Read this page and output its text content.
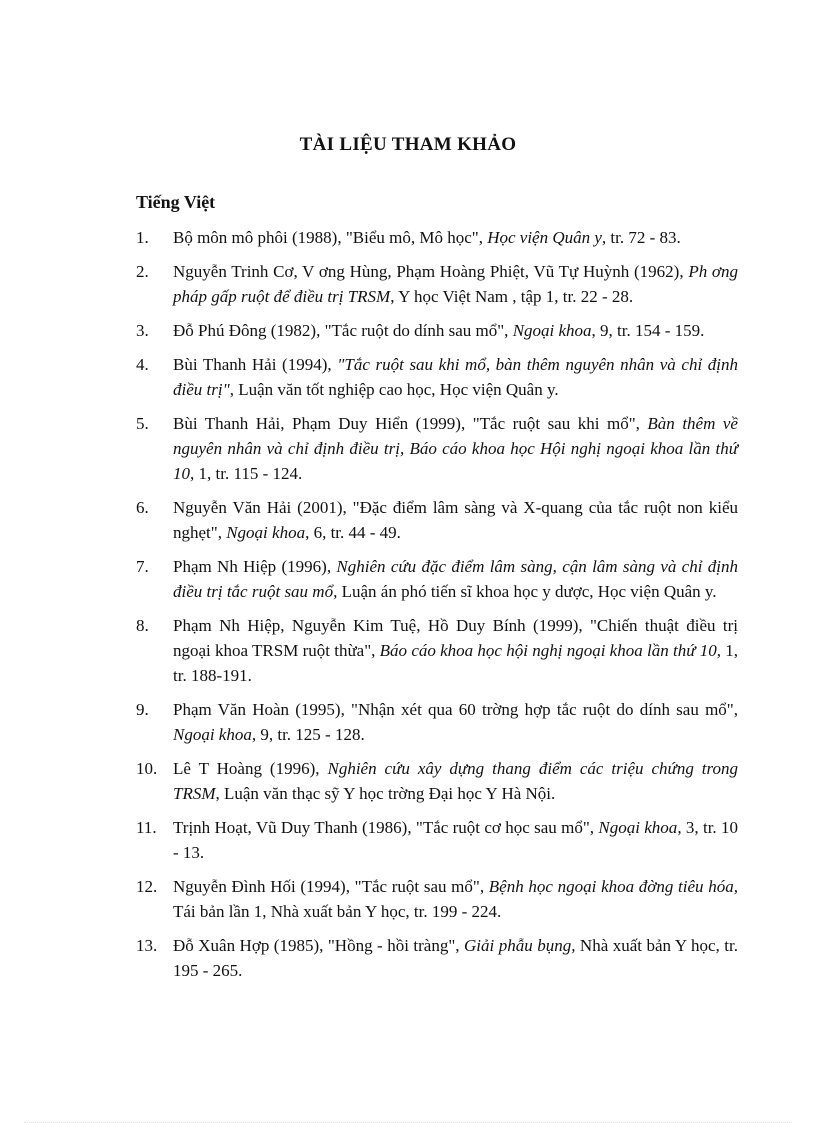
TÀI LIỆU THAM KHẢO
Tiếng Việt
1. Bộ môn mô phôi (1988), "Biểu mô, Mô học", Học viện Quân y, tr. 72 - 83.
2. Nguyễn Trinh Cơ, V ơng Hùng, Phạm Hoàng Phiệt, Vũ Tự Huỳnh (1962), Ph ơng pháp gấp ruột để điều trị TRSM, Y học Việt Nam , tập 1, tr. 22 - 28.
3. Đỗ Phú Đông (1982), "Tắc ruột do dính sau mổ", Ngoại khoa, 9, tr. 154 - 159.
4. Bùi Thanh Hải (1994), "Tắc ruột sau khi mổ, bàn thêm nguyên nhân và chỉ định điều trị", Luận văn tốt nghiệp cao học, Học viện Quân y.
5. Bùi Thanh Hải, Phạm Duy Hiển (1999), "Tắc ruột sau khi mổ", Bàn thêm về nguyên nhân và chỉ định điều trị, Báo cáo khoa học Hội nghị ngoại khoa lần thứ 10, 1, tr. 115 - 124.
6. Nguyễn Văn Hải (2001), "Đặc điểm lâm sàng và X-quang của tắc ruột non kiểu nghẹt", Ngoại khoa, 6, tr. 44 - 49.
7. Phạm Nh Hiệp (1996), Nghiên cứu đặc điểm lâm sàng, cận lâm sàng và chỉ định điều trị tắc ruột sau mổ, Luận án phó tiến sĩ khoa học y dược, Học viện Quân y.
8. Phạm Nh Hiệp, Nguyễn Kim Tuệ, Hồ Duy Bính (1999), "Chiến thuật điều trị ngoại khoa TRSM ruột thừa", Báo cáo khoa học hội nghị ngoại khoa lần thứ 10, 1, tr. 188-191.
9. Phạm Văn Hoàn (1995), "Nhận xét qua 60 trờng hợp tắc ruột do dính sau mổ", Ngoại khoa, 9, tr. 125 - 128.
10. Lê T Hoàng (1996), Nghiên cứu xây dựng thang điểm các triệu chứng trong TRSM, Luận văn thạc sỹ Y học trờng Đại học Y Hà Nội.
11. Trịnh Hoạt, Vũ Duy Thanh (1986), "Tắc ruột cơ học sau mổ", Ngoại khoa, 3, tr. 10 - 13.
12. Nguyễn Đình Hối (1994), "Tắc ruột sau mổ", Bệnh học ngoại khoa đờng tiêu hóa, Tái bản lần 1, Nhà xuất bản Y học, tr. 199 - 224.
13. Đỗ Xuân Hợp (1985), "Hồng - hồi tràng", Giải phẫu bụng, Nhà xuất bản Y học, tr. 195 - 265.
